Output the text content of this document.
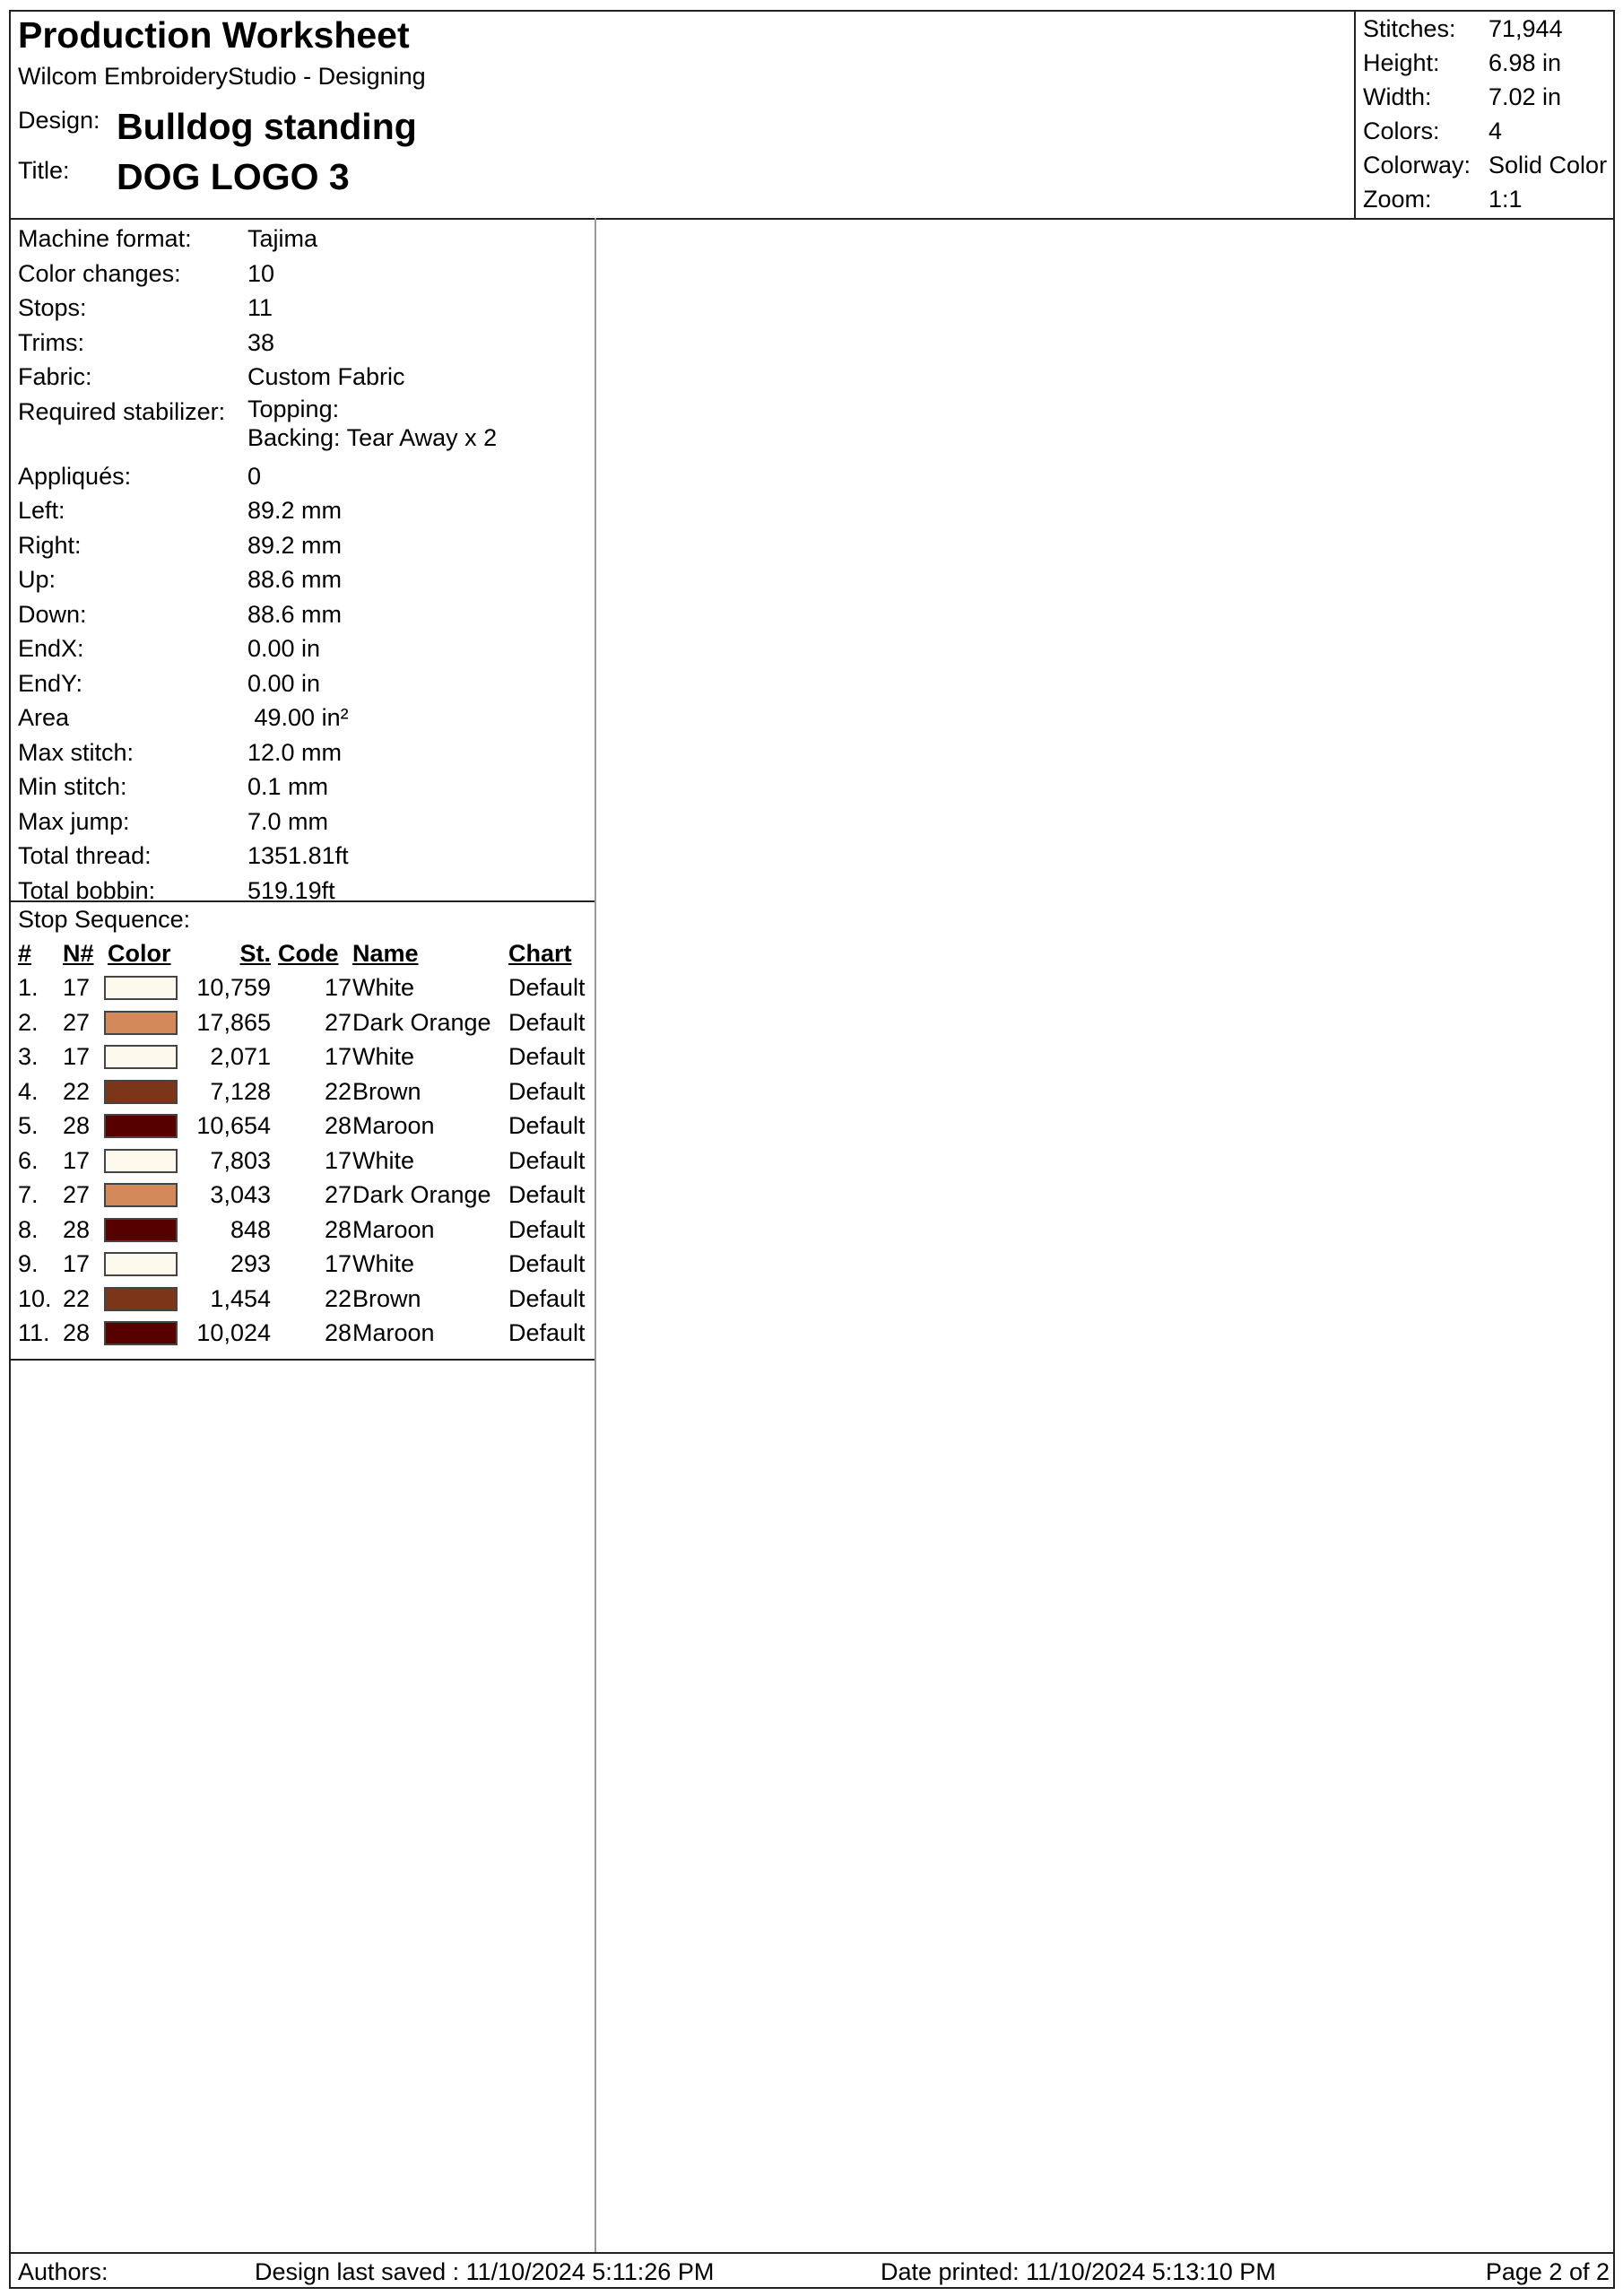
Production Worksheet
Wilcom EmbroideryStudio - Designing
Design: Bulldog standing
Title: DOG LOGO 3
Stitches: 71,944
Height: 6.98 in
Width: 7.02 in
Colors: 4
Colorway: Solid Color
Zoom: 1:1
Machine format: Tajima
Color changes:	10
Stops:	11
Trims:	38
Fabric:	Custom Fabric
Required stabilizer: Topping:
Backing: Tear Away x 2
Appliqués:	0
Left:	89.2 mm
Right:	89.2 mm
Up:	88.6 mm
Down:	88.6 mm
EndX:	0.00 in
EndY:	0.00 in
Area	49.00 in²
Max stitch:	12.0 mm
Min stitch:	0.1 mm
Max jump:	7.0 mm
Total thread:	1351.81ft
Total bobbin:	519.19ft
Stop Sequence:
# N# Color	St. Code Name	Chart
1. 17	10,759	17 White	Default
2. 27	17,865	27 Dark Orange Default
3. 17	2,071	17 White	Default
4. 22	7,128	22 Brown	Default
5. 28	10,654	28 Maroon	Default
6. 17	7,803	17 White	Default
7. 27	3,043	27 Dark Orange Default
8. 28	848	28 Maroon	Default
9. 17	293	17 White	Default
10. 22	1,454	22 Brown	Default
11. 28	10,024	28 Maroon	Default
Authors:	Design last saved : 11/10/2024 5:11:26 PM	Date printed: 11/10/2024 5:13:10 PM	Page 2 of 2
